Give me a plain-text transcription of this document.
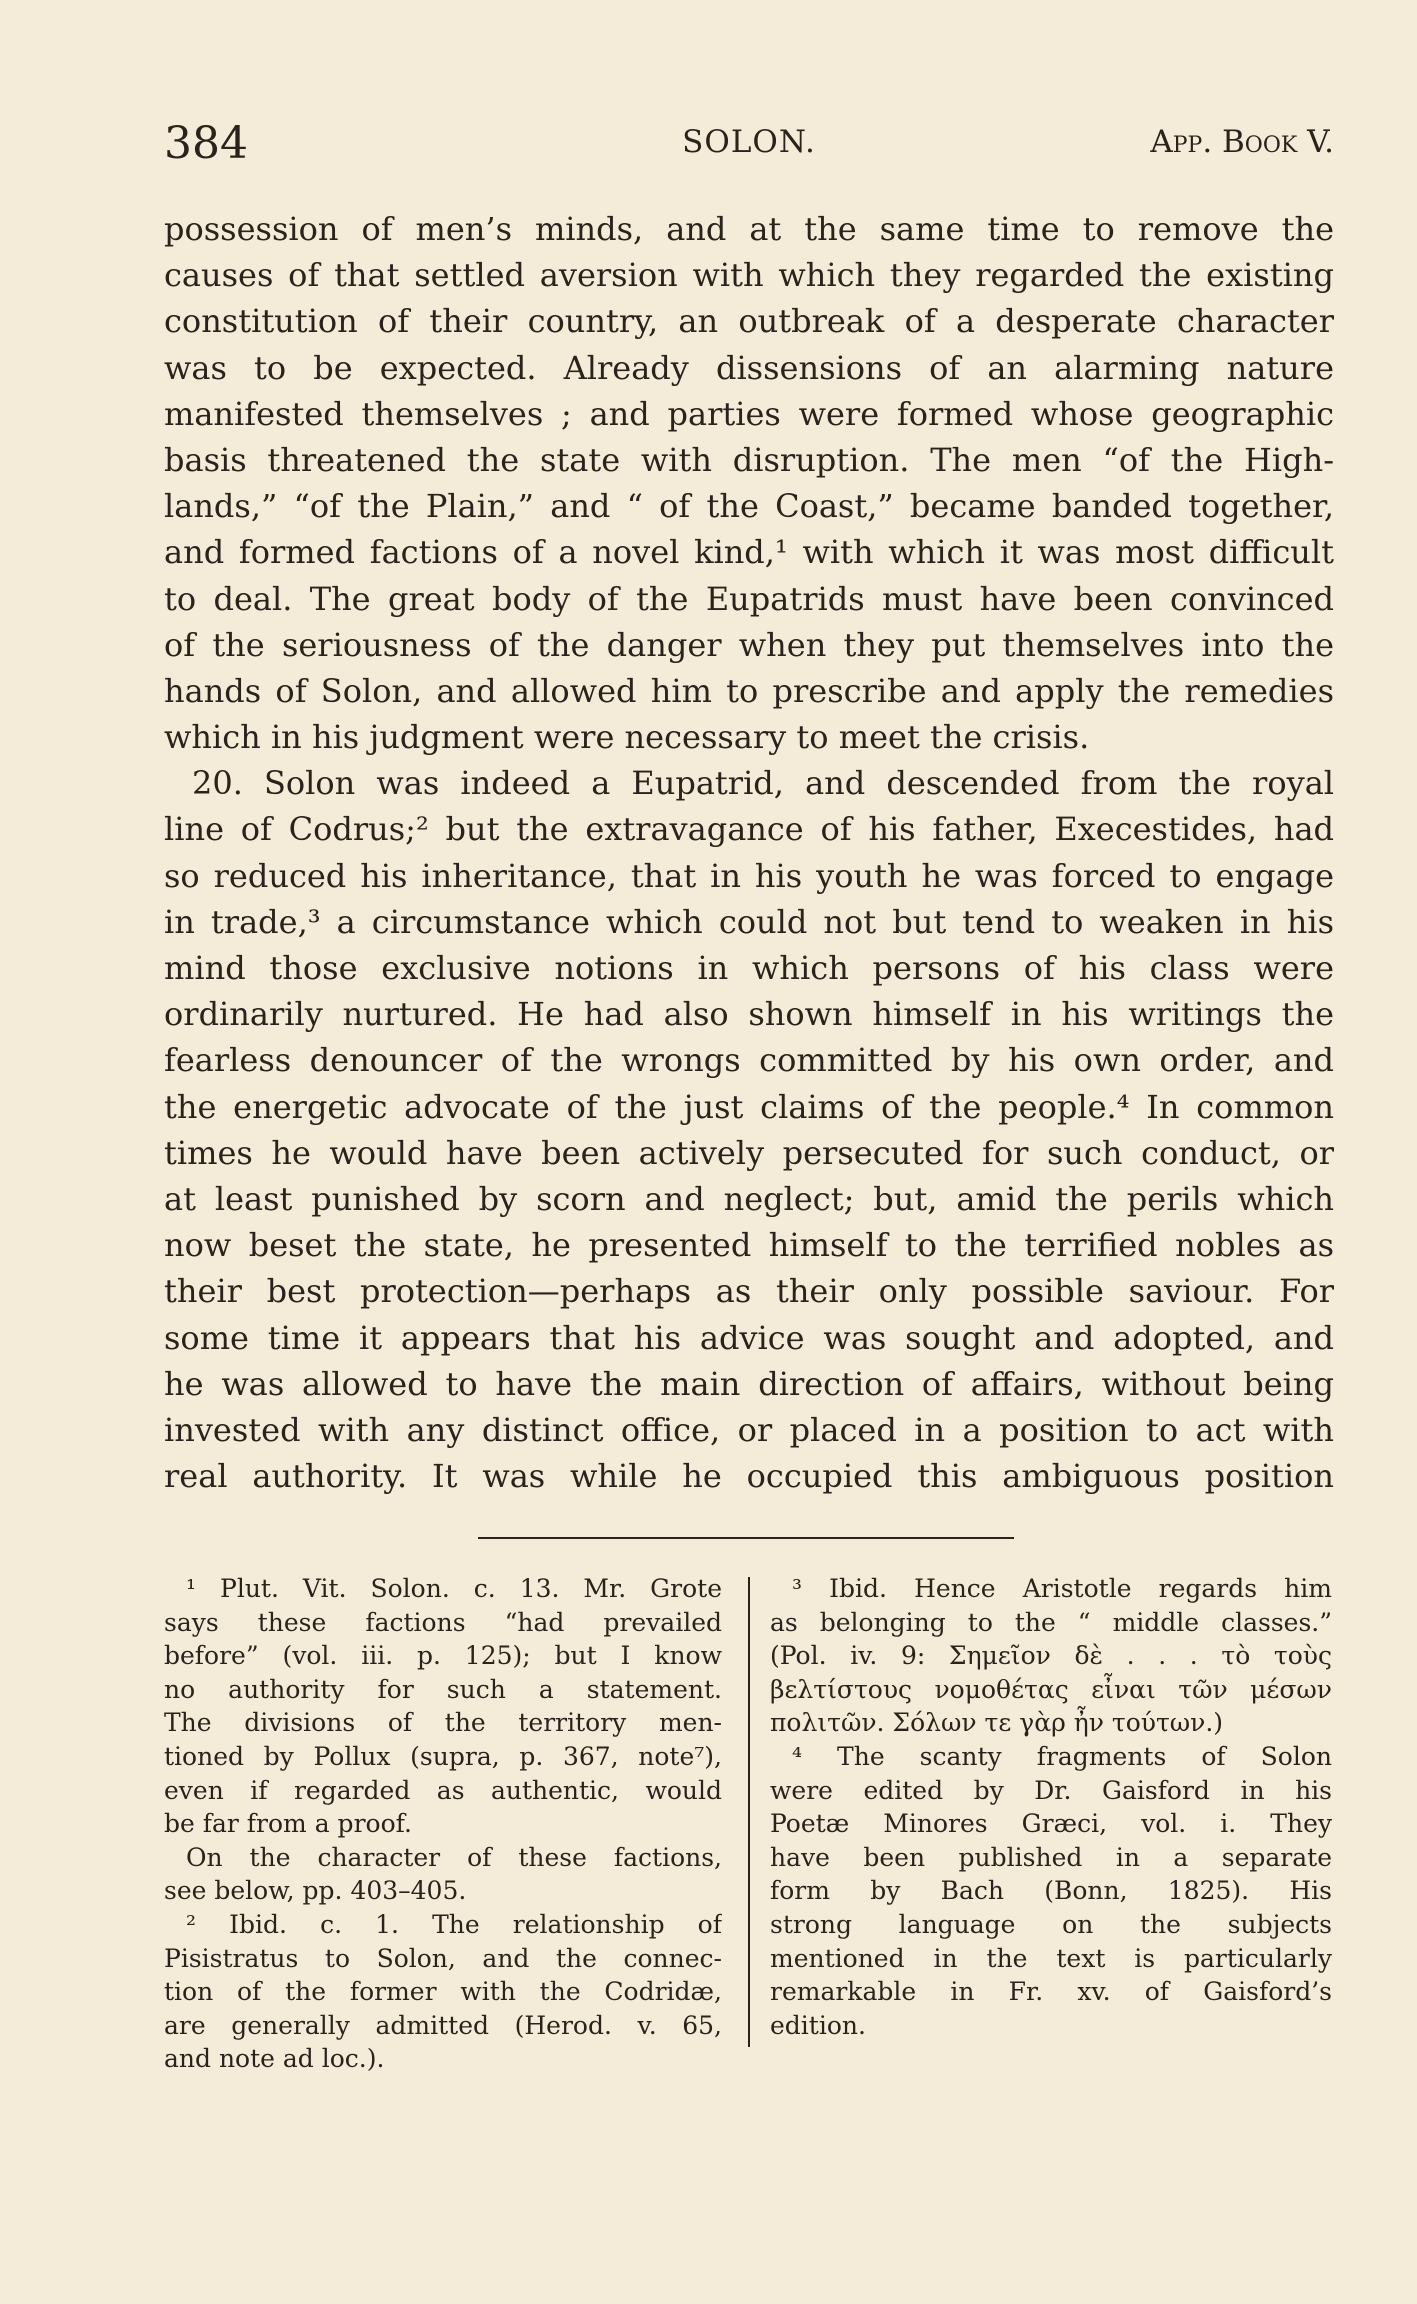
384	SOLON.	App. Book V.
possession of men’s minds, and at the same time to remove the
causes of that settled aversion with which they regarded the existing
constitution of their country, an outbreak of a desperate character
was to be expected. Already dissensions of an alarming nature
manifested themselves ; and parties were formed whose geographic
basis threatened the state with disruption. The men “of the High-
lands,” “of the Plain,” and “ of the Coast,” became banded together,
and formed factions of a novel kind,¹ with which it was most difficult
to deal. The great body of the Eupatrids must have been convinced
of the seriousness of the danger when they put themselves into the
hands of Solon, and allowed him to prescribe and apply the remedies
which in his judgment were necessary to meet the crisis.
20. Solon was indeed a Eupatrid, and descended from the royal
line of Codrus;² but the extravagance of his father, Execestides, had
so reduced his inheritance, that in his youth he was forced to engage
in trade,³ a circumstance which could not but tend to weaken in his
mind those exclusive notions in which persons of his class were
ordinarily nurtured. He had also shown himself in his writings the
fearless denouncer of the wrongs committed by his own order, and
the energetic advocate of the just claims of the people.⁴ In common
times he would have been actively persecuted for such conduct, or
at least punished by scorn and neglect; but, amid the perils which
now beset the state, he presented himself to the terrified nobles as
their best protection—perhaps as their only possible saviour. For
some time it appears that his advice was sought and adopted, and
he was allowed to have the main direction of affairs, without being
invested with any distinct office, or placed in a position to act with
real authority. It was while he occupied this ambiguous position
¹ Plut. Vit. Solon. c. 13. Mr. Grote
says these factions “had prevailed
before” (vol. iii. p. 125); but I know
no authority for such a statement.
The divisions of the territory men-
tioned by Pollux (supra, p. 367, note⁷),
even if regarded as authentic, would
be far from a proof.
On the character of these factions,
see below, pp. 403–405.
² Ibid. c. 1. The relationship of
Pisistratus to Solon, and the connec-
tion of the former with the Codridæ,
are generally admitted (Herod. v. 65,
and note ad loc.).
³ Ibid. Hence Aristotle regards him
as belonging to the “ middle classes.”
(Pol. iv. 9: Σημεῖον δὲ . . . τὸ τοὺς
βελτίστους νομοθέτας εἶναι τῶν μέσων
πολιτῶν. Σόλων τε γὰρ ἦν τούτων.)
⁴ The scanty fragments of Solon
were edited by Dr. Gaisford in his
Poetæ Minores Græci, vol. i. They
have been published in a separate
form by Bach (Bonn, 1825). His
strong language on the subjects
mentioned in the text is particularly
remarkable in Fr. xv. of Gaisford’s
edition.
